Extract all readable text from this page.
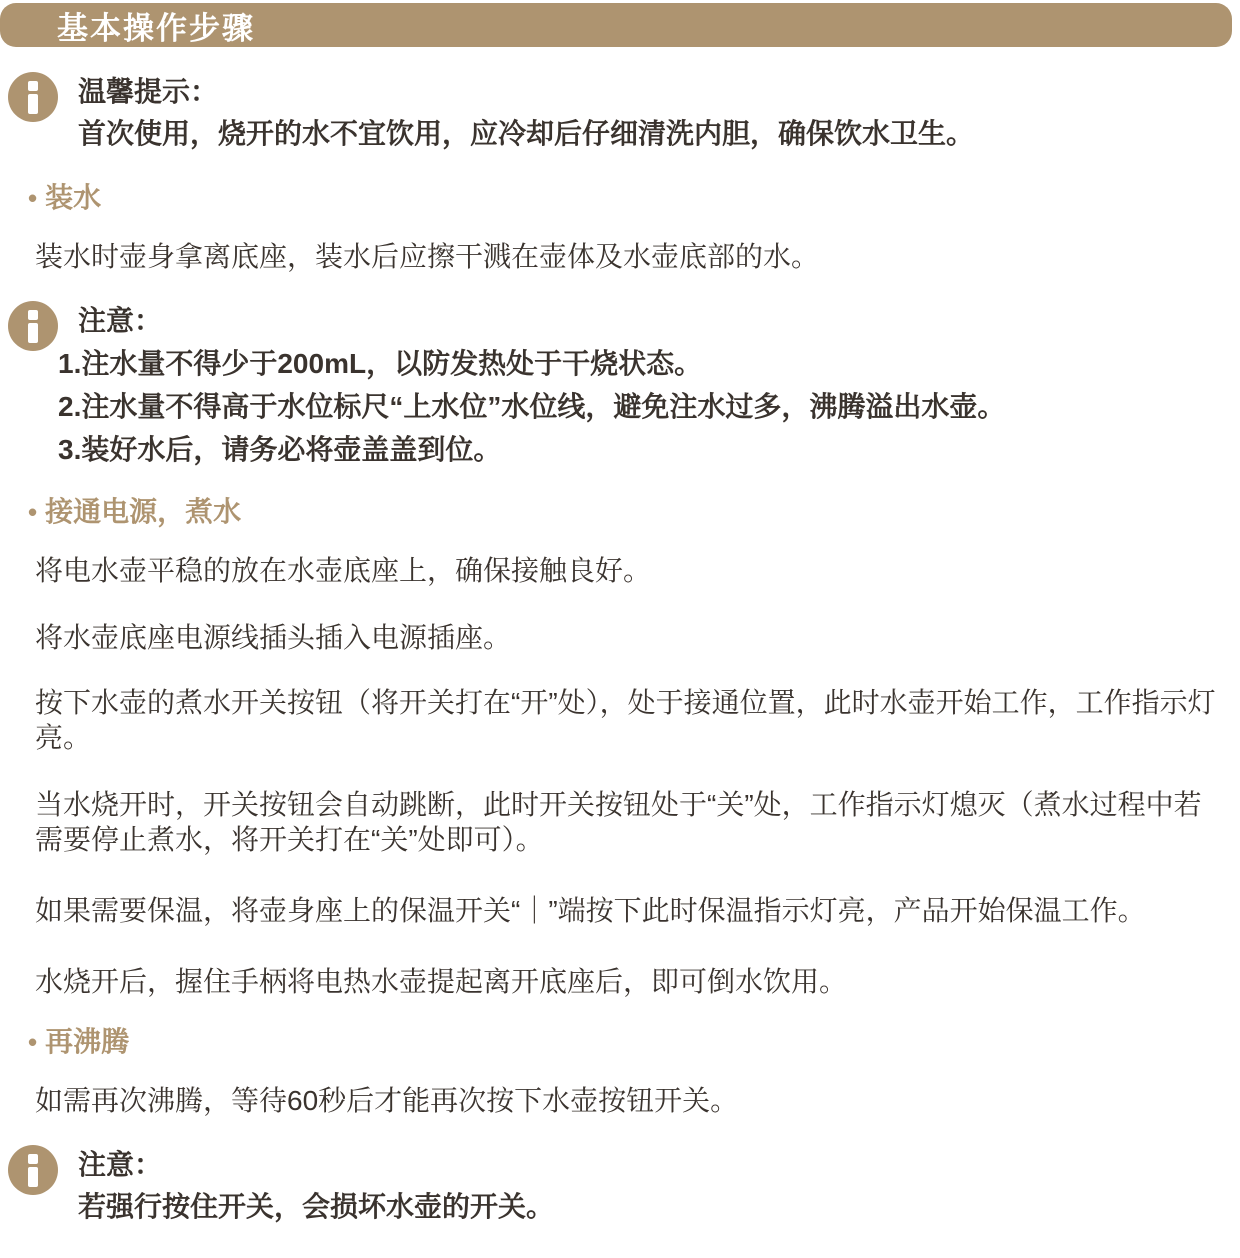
基本操作步骤
温馨提示：
首次使用，烧开的水不宜饮用，应冷却后仔细清洗内胆，确保饮水卫生。
• 装水
装水时壶身拿离底座，装水后应擦干溅在壶体及水壶底部的水。
注意：
1.注水量不得少于200mL，以防发热处于干烧状态。
2.注水量不得高于水位标尺“上水位”水位线，避免注水过多，沸腾溢出水壶。
3.装好水后，请务必将壶盖盖到位。
• 接通电源，煮水
将电水壶平稳的放在水壶底座上，确保接触良好。
将水壶底座电源线插头插入电源插座。
按下水壶的煮水开关按钮（将开关打在“开”处），处于接通位置，此时水壶开始工作，工作指示灯亮。
当水烧开时，开关按钮会自动跳断，此时开关按钮处于“关”处，工作指示灯熄灭（煮水过程中若需要停止煮水，将开关打在“关”处即可）。
如果需要保温，将壶身座上的保温开关“｜”端按下此时保温指示灯亮，产品开始保温工作。
水烧开后，握住手柄将电热水壶提起离开底座后，即可倒水饮用。
• 再沸腾
如需再次沸腾，等待60秒后才能再次按下水壶按钮开关。
注意：
若强行按住开关，会损坏水壶的开关。
